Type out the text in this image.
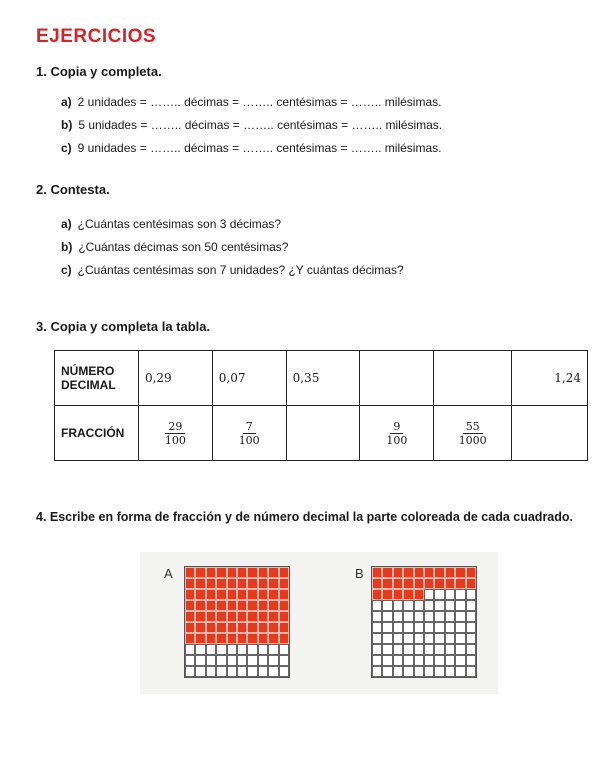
EJERCICIOS
1. Copia y completa.
a) 2 unidades = …….. décimas = …….. centésimas = …….. milésimas.
b) 5 unidades = …….. décimas = …….. centésimas = …….. milésimas.
c) 9 unidades = …….. décimas = …….. centésimas = …….. milésimas.
2. Contesta.
a) ¿Cuántas centésimas son 3 décimas?
b) ¿Cuántas décimas son 50 centésimas?
c) ¿Cuántas centésimas son 7 unidades? ¿Y cuántas décimas?
3. Copia y completa la tabla.
NÚMERO
DECIMAL	0,29	0,07	0,35			1,24
FRACCIÓN	$\frac{29}{100}$	$\frac{7}{100}$		$\frac{9}{100}$	$\frac{55}{1000}$

4. Escribe en forma de fracción y de número decimal la parte coloreada de cada cuadrado.
A	B
